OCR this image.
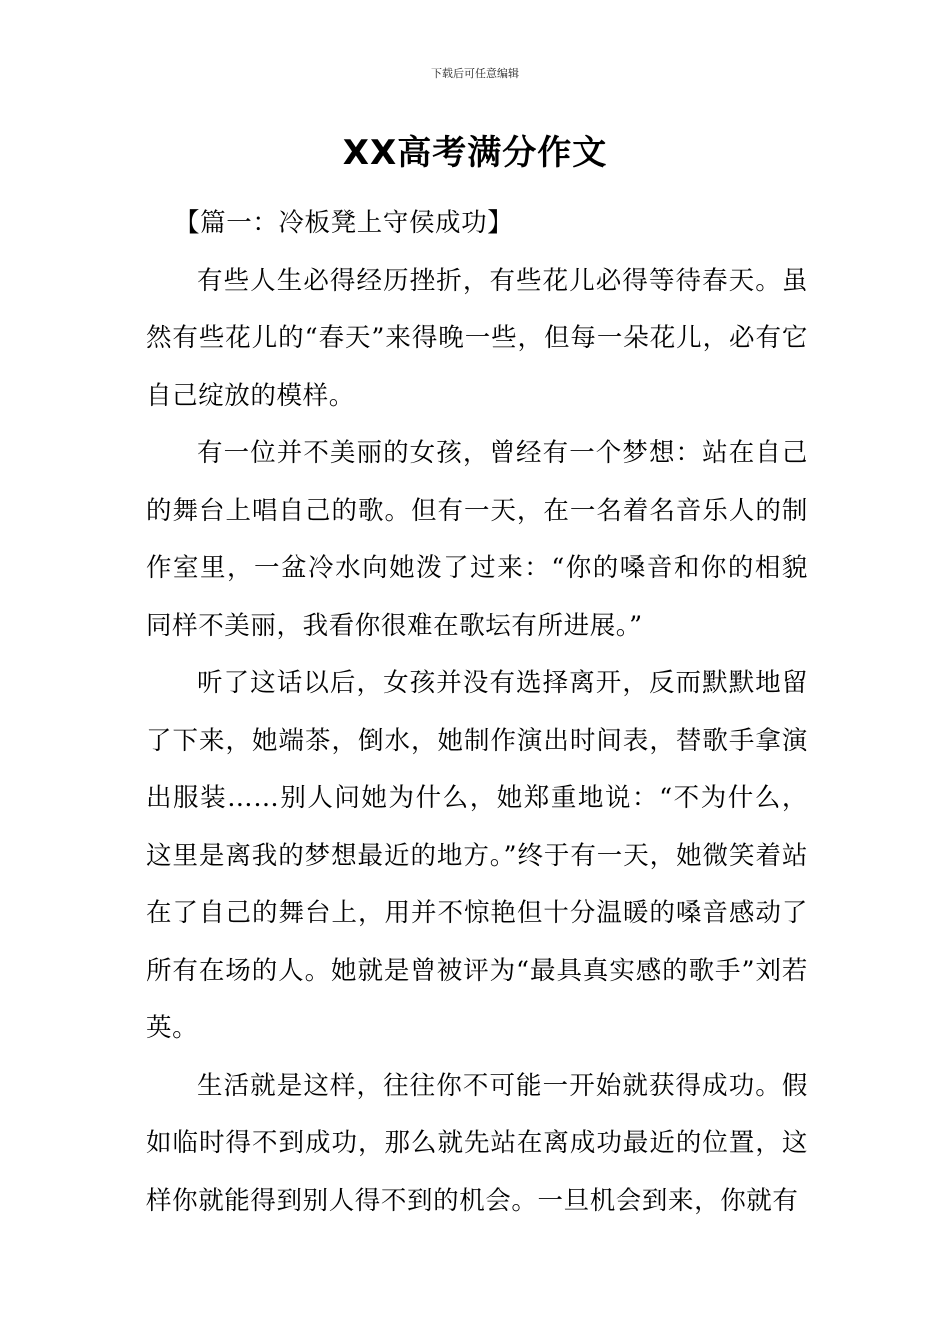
下载后可任意编辑
XX高考满分作文

【篇一：冷板凳上守侯成功】

有些人生必得经历挫折，有些花儿必得等待春天。虽然有些花儿的“春天”来得晚一些，但每一朵花儿，必有它自己绽放的模样。

有一位并不美丽的女孩，曾经有一个梦想：站在自己的舞台上唱自己的歌。但有一天，在一名着名音乐人的制作室里，一盆冷水向她泼了过来：“你的嗓音和你的相貌同样不美丽，我看你很难在歌坛有所进展。”

听了这话以后，女孩并没有选择离开，反而默默地留了下来，她端茶，倒水，她制作演出时间表，替歌手拿演出服装……别人问她为什么，她郑重地说：“不为什么，这里是离我的梦想最近的地方。”终于有一天，她微笑着站在了自己的舞台上，用并不惊艳但十分温暖的嗓音感动了所有在场的人。她就是曾被评为“最具真实感的歌手”刘若英。

生活就是这样，往往你不可能一开始就获得成功。假如临时得不到成功，那么就先站在离成功最近的位置，这样你就能得到别人得不到的机会。一旦机会到来，你就有
